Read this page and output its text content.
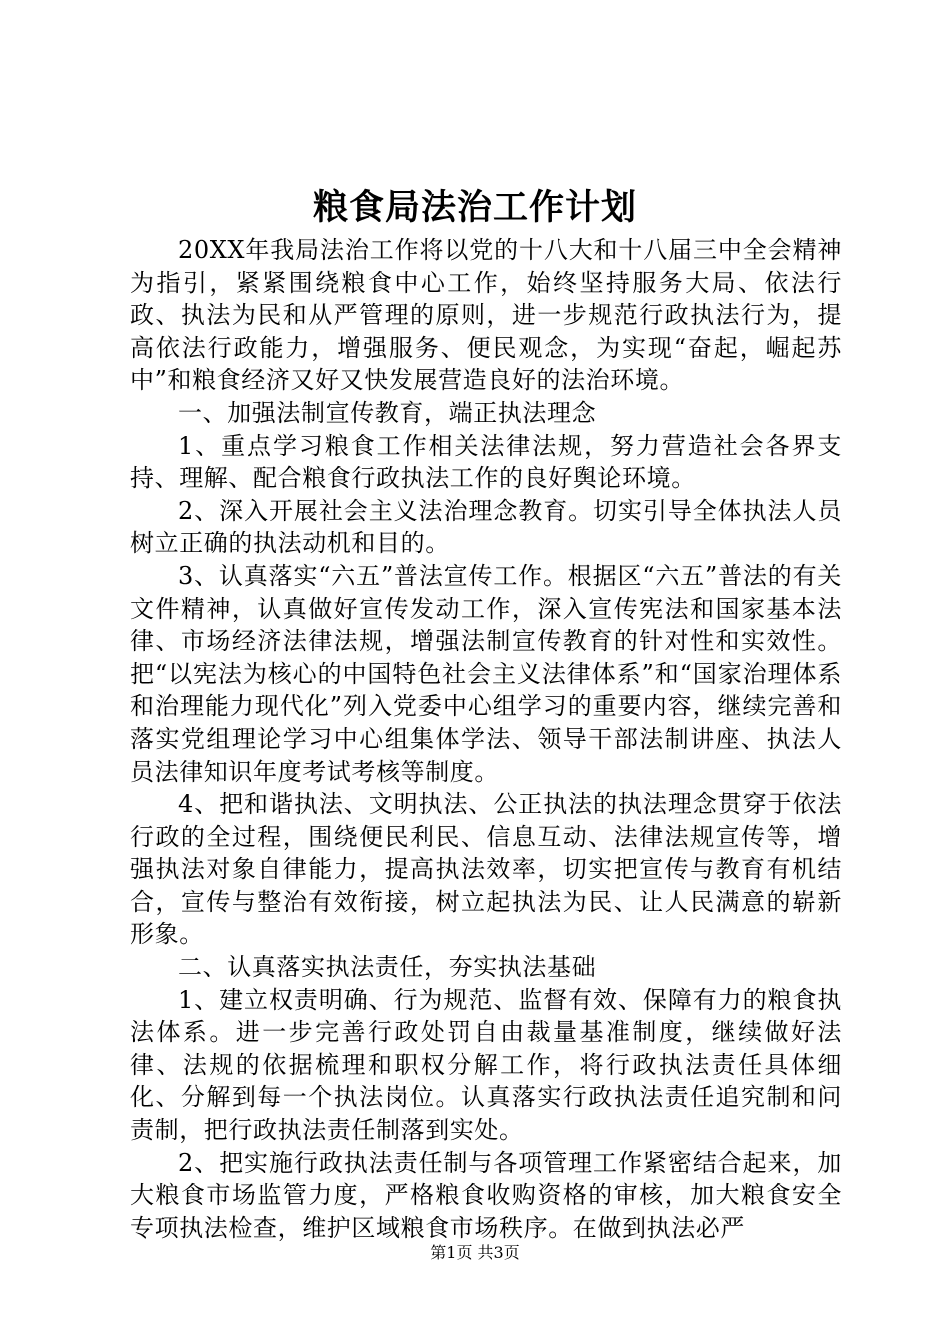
粮食局法治工作计划

20XX年我局法治工作将以党的十八大和十八届三中全会精神为指引，紧紧围绕粮食中心工作，始终坚持服务大局、依法行政、执法为民和从严管理的原则，进一步规范行政执法行为，提高依法行政能力，增强服务、便民观念，为实现“奋起，崛起苏中”和粮食经济又好又快发展营造良好的法治环境。

一、加强法制宣传教育，端正执法理念

1、重点学习粮食工作相关法律法规，努力营造社会各界支持、理解、配合粮食行政执法工作的良好舆论环境。

2、深入开展社会主义法治理念教育。切实引导全体执法人员树立正确的执法动机和目的。

3、认真落实“六五”普法宣传工作。根据区“六五”普法的有关文件精神，认真做好宣传发动工作，深入宣传宪法和国家基本法律、市场经济法律法规，增强法制宣传教育的针对性和实效性。把“以宪法为核心的中国特色社会主义法律体系”和“国家治理体系和治理能力现代化”列入党委中心组学习的重要内容，继续完善和落实党组理论学习中心组集体学法、领导干部法制讲座、执法人员法律知识年度考试考核等制度。

4、把和谐执法、文明执法、公正执法的执法理念贯穿于依法行政的全过程，围绕便民利民、信息互动、法律法规宣传等，增强执法对象自律能力，提高执法效率，切实把宣传与教育有机结合，宣传与整治有效衔接，树立起执法为民、让人民满意的崭新形象。

二、认真落实执法责任，夯实执法基础

1、建立权责明确、行为规范、监督有效、保障有力的粮食执法体系。进一步完善行政处罚自由裁量基准制度，继续做好法律、法规的依据梳理和职权分解工作，将行政执法责任具体细化、分解到每一个执法岗位。认真落实行政执法责任追究制和问责制，把行政执法责任制落到实处。

2、把实施行政执法责任制与各项管理工作紧密结合起来，加大粮食市场监管力度，严格粮食收购资格的审核，加大粮食安全专项执法检查，维护区域粮食市场秩序。在做到执法必严

第1页 共3页
